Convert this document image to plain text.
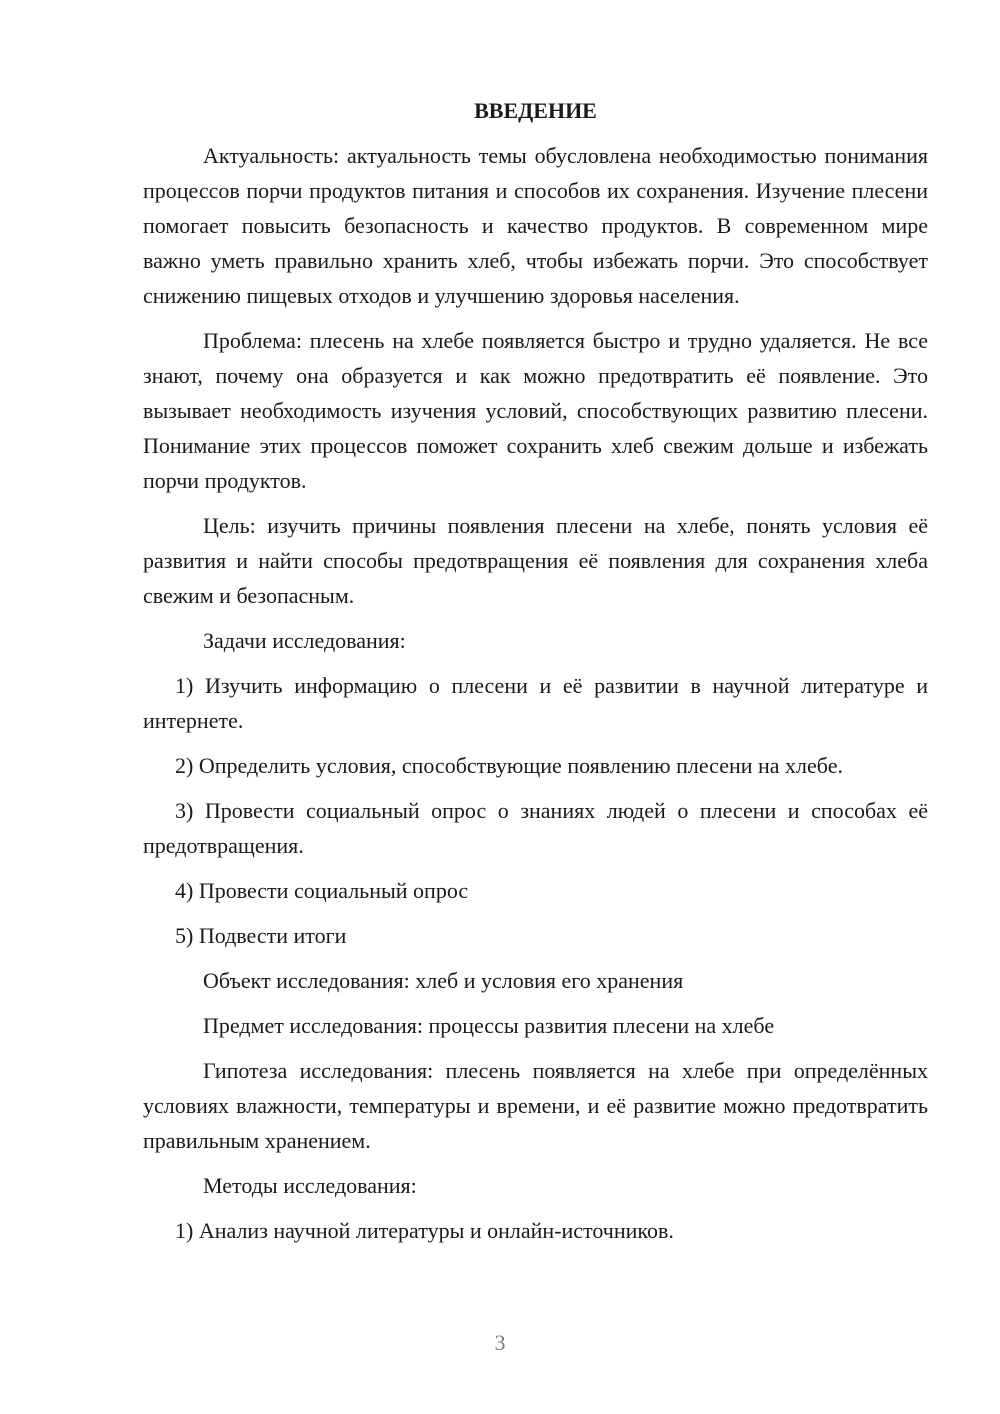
ВВЕДЕНИЕ

Актуальность: актуальность темы обусловлена необходимостью понимания процессов порчи продуктов питания и способов их сохранения. Изучение плесени помогает повысить безопасность и качество продуктов. В современном мире важно уметь правильно хранить хлеб, чтобы избежать порчи. Это способствует снижению пищевых отходов и улучшению здоровья населения.

Проблема: плесень на хлебе появляется быстро и трудно удаляется. Не все знают, почему она образуется и как можно предотвратить её появление. Это вызывает необходимость изучения условий, способствующих развитию плесени. Понимание этих процессов поможет сохранить хлеб свежим дольше и избежать порчи продуктов.

Цель: изучить причины появления плесени на хлебе, понять условия её развития и найти способы предотвращения её появления для сохранения хлеба свежим и безопасным.

Задачи исследования:

1) Изучить информацию о плесени и её развитии в научной литературе и интернете.

2) Определить условия, способствующие появлению плесени на хлебе.

3) Провести социальный опрос о знаниях людей о плесени и способах её предотвращения.

4) Провести социальный опрос

5) Подвести итоги

Объект исследования: хлеб и условия его хранения

Предмет исследования: процессы развития плесени на хлебе

Гипотеза исследования: плесень появляется на хлебе при определённых условиях влажности, температуры и времени, и её развитие можно предотвратить правильным хранением.

Методы исследования:

1) Анализ научной литературы и онлайн-источников.

3
